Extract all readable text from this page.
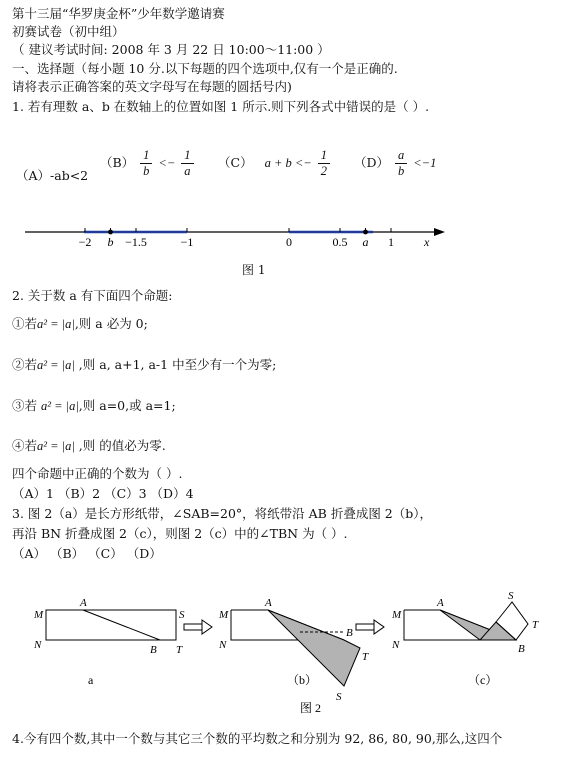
第十三届“华罗庚金杯”少年数学邀请赛
初赛试卷（初中组）
（ 建议考试时间: 2008 年 3 月 22 日 10:00～11:00 ）
一、选择题（每小题 10 分.以下每题的四个选项中,仅有一个是正确的.
请将表示正确答案的英文字母写在每题的圆括号内)
1. 若有理数 a、b 在数轴上的位置如图 1 所示.则下列各式中错误的是（ ）.
（A）-ab<2
$(B) \frac{1}{b} <- \frac{1}{a} (C) a + b <- \frac{1}{2} (D) \frac{a}{b} <-1$
−2 b −1.5	−1	0	0.5 a 1	x
图 1
2. 关于数 a 有下面四个命题:
①若a² = |a|,则 a 必为 0;
②若a² = |a| ,则 a, a+1, a-1 中至少有一个为零;
③若 a² = |a|,则 a=0,或 a=1;
④若a² = |a| ,则 的值必为零.
四个命题中正确的个数为（ ）.
（A）1 （B）2 （C）3 （D）4
3. 图 2（a）是长方形纸带，∠SAB=20°，将纸带沿 AB 折叠成图 2（b），
再沿 BN 折叠成图 2（c），则图 2（c）中的∠TBN 为（ ）.
（A） （B） （C） （D）
M
N
A
S
B T
a
M
N
A
B
T
S
（b）
M
N
A
S
T
B
（c）
图 2
4.今有四个数,其中一个数与其它三个数的平均数之和分别为 92, 86, 80, 90,那么,这四个
